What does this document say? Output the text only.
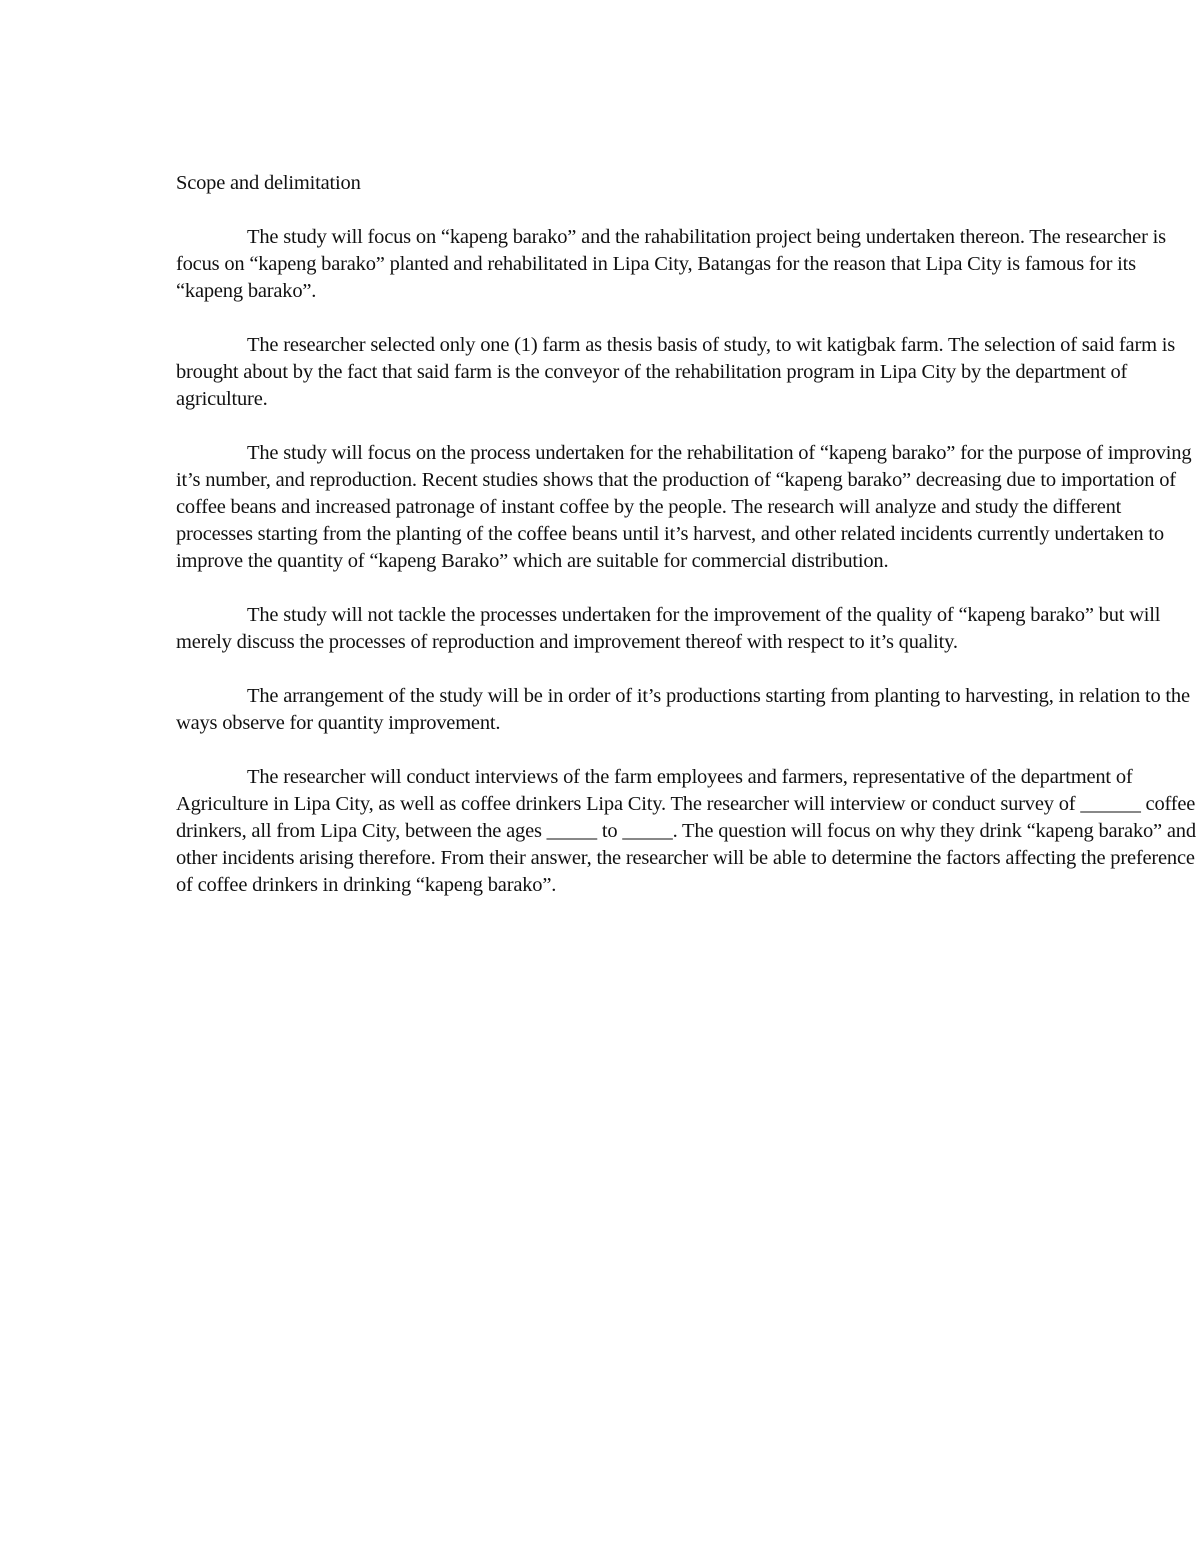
Scope and delimitation

The study will focus on “kapeng barako” and the rahabilitation project being undertaken thereon. The researcher is focus on “kapeng barako” planted and rehabilitated in Lipa City, Batangas for the reason that Lipa City is famous for its “kapeng barako”.

The researcher selected only one (1) farm as thesis basis of study, to wit katigbak farm. The selection of said farm is brought about by the fact that said farm is the conveyor of the rehabilitation program in Lipa City by the department of agriculture.

The study will focus on the process undertaken for the rehabilitation of “kapeng barako” for the purpose of improving it’s number, and reproduction. Recent studies shows that the production of “kapeng barako” decreasing due to importation of coffee beans and increased patronage of instant coffee by the people. The research will analyze and study the different processes starting from the planting of the coffee beans until it’s harvest, and other related incidents currently undertaken to improve the quantity of “kapeng Barako” which are suitable for commercial distribution.

The study will not tackle the processes undertaken for the improvement of the quality of “kapeng barako” but will merely discuss the processes of reproduction and improvement thereof with respect to it’s quality.

The arrangement of the study will be in order of it’s productions starting from planting to harvesting, in relation to the ways observe for quantity improvement.

The researcher will conduct interviews of the farm employees and farmers, representative of the department of Agriculture in Lipa City, as well as coffee drinkers Lipa City. The researcher will interview or conduct survey of ______ coffee drinkers, all from Lipa City, between the ages _____ to _____. The question will focus on why they drink “kapeng barako” and other incidents arising therefore. From their answer, the researcher will be able to determine the factors affecting the preference of coffee drinkers in drinking “kapeng barako”.
